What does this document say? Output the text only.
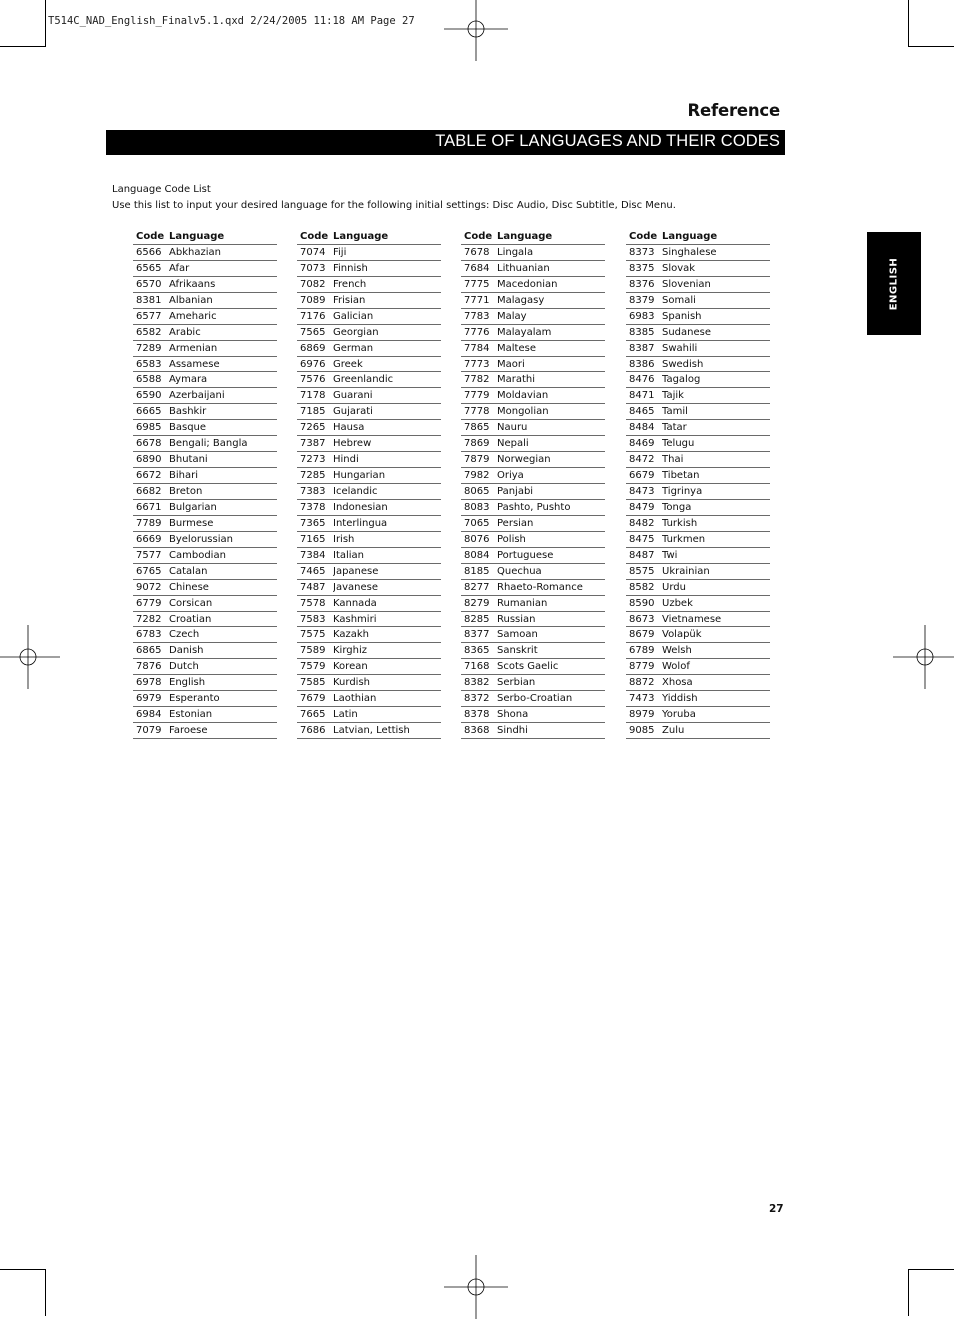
T514C_NAD_English_Finalv5.1.qxd 2/24/2005 11:18 AM Page 27
Reference
TABLE OF LANGUAGES AND THEIR CODES
Language Code List
Use this list to input your desired language for the following initial settings: Disc Audio, Disc Subtitle, Disc Menu.
ENGLISH
Code Language
6566 Abkhazian
6565 Afar
6570 Afrikaans
8381 Albanian
6577 Ameharic
6582 Arabic
7289 Armenian
6583 Assamese
6588 Aymara
6590 Azerbaijani
6665 Bashkir
6985 Basque
6678 Bengali; Bangla
6890 Bhutani
6672 Bihari
6682 Breton
6671 Bulgarian
7789 Burmese
6669 Byelorussian
7577 Cambodian
6765 Catalan
9072 Chinese
6779 Corsican
7282 Croatian
6783 Czech
6865 Danish
7876 Dutch
6978 English
6979 Esperanto
6984 Estonian
7079 Faroese
Code Language
7074 Fiji
7073 Finnish
7082 French
7089 Frisian
7176 Galician
7565 Georgian
6869 German
6976 Greek
7576 Greenlandic
7178 Guarani
7185 Gujarati
7265 Hausa
7387 Hebrew
7273 Hindi
7285 Hungarian
7383 Icelandic
7378 Indonesian
7365 Interlingua
7165 Irish
7384 Italian
7465 Japanese
7487 Javanese
7578 Kannada
7583 Kashmiri
7575 Kazakh
7589 Kirghiz
7579 Korean
7585 Kurdish
7679 Laothian
7665 Latin
7686 Latvian, Lettish
Code Language
7678 Lingala
7684 Lithuanian
7775 Macedonian
7771 Malagasy
7783 Malay
7776 Malayalam
7784 Maltese
7773 Maori
7782 Marathi
7779 Moldavian
7778 Mongolian
7865 Nauru
7869 Nepali
7879 Norwegian
7982 Oriya
8065 Panjabi
8083 Pashto, Pushto
7065 Persian
8076 Polish
8084 Portuguese
8185 Quechua
8277 Rhaeto-Romance
8279 Rumanian
8285 Russian
8377 Samoan
8365 Sanskrit
7168 Scots Gaelic
8382 Serbian
8372 Serbo-Croatian
8378 Shona
8368 Sindhi
Code Language
8373 Singhalese
8375 Slovak
8376 Slovenian
8379 Somali
6983 Spanish
8385 Sudanese
8387 Swahili
8386 Swedish
8476 Tagalog
8471 Tajik
8465 Tamil
8484 Tatar
8469 Telugu
8472 Thai
6679 Tibetan
8473 Tigrinya
8479 Tonga
8482 Turkish
8475 Turkmen
8487 Twi
8575 Ukrainian
8582 Urdu
8590 Uzbek
8673 Vietnamese
8679 Volapük
6789 Welsh
8779 Wolof
8872 Xhosa
7473 Yiddish
8979 Yoruba
9085 Zulu
27
